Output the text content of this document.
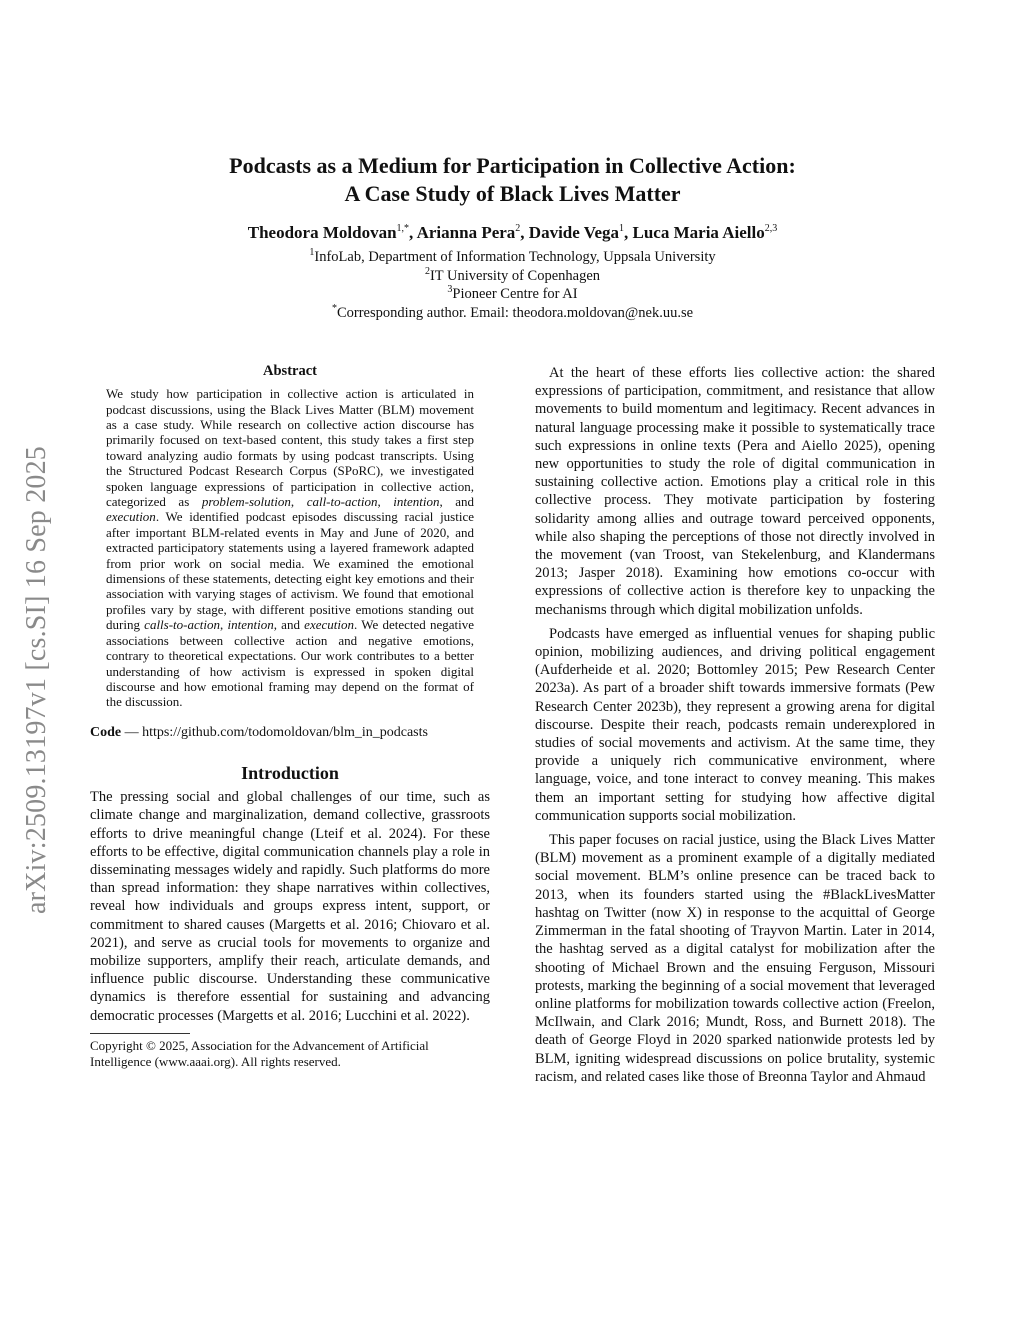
arXiv:2509.13197v1 [cs.SI] 16 Sep 2025
Podcasts as a Medium for Participation in Collective Action:
A Case Study of Black Lives Matter
Theodora Moldovan$^{1,*}$, Arianna Pera$^2$, Davide Vega$^1$, Luca Maria Aiello$^{2,3}$
$^1$InfoLab, Department of Information Technology, Uppsala University
$^2$IT University of Copenhagen
$^3$Pioneer Centre for AI
*Corresponding author. Email: theodora.moldovan@nek.uu.se
Abstract

We study how participation in collective action is articulated in podcast discussions, using the Black Lives Matter (BLM) movement as a case study. While research on collective action discourse has primarily focused on text-based content, this study takes a first step toward analyzing audio formats by using podcast transcripts. Using the Structured Podcast Research Corpus (SPoRC), we investigated spoken language expressions of participation in collective action, categorized as problem-solution, call-to-action, intention, and execution. We identified podcast episodes discussing racial justice after important BLM-related events in May and June of 2020, and extracted participatory statements using a layered framework adapted from prior work on social media. We examined the emotional dimensions of these statements, detecting eight key emotions and their association with varying stages of activism. We found that emotional profiles vary by stage, with different positive emotions standing out during calls-to-action, intention, and execution. We detected negative associations between collective action and negative emotions, contrary to theoretical expectations. Our work contributes to a better understanding of how activism is expressed in spoken digital discourse and how emotional framing may depend on the format of the discussion.

Code — https://github.com/todomoldovan/blm_in_podcasts
Introduction

The pressing social and global challenges of our time, such as climate change and marginalization, demand collective, grassroots efforts to drive meaningful change (Lteif et al. 2024). For these efforts to be effective, digital communication channels play a role in disseminating messages widely and rapidly. Such platforms do more than spread information: they shape narratives within collectives, reveal how individuals and groups express intent, support, or commitment to shared causes (Margetts et al. 2016; Chiovaro et al. 2021), and serve as crucial tools for movements to organize and mobilize supporters, amplify their reach, articulate demands, and influence public discourse. Understanding these communicative dynamics is therefore essential for sustaining and advancing democratic processes (Margetts et al. 2016; Lucchini et al. 2022).

Copyright © 2025, Association for the Advancement of Artificial Intelligence (www.aaai.org). All rights reserved.

At the heart of these efforts lies collective action: the shared expressions of participation, commitment, and resistance that allow movements to build momentum and legitimacy. Recent advances in natural language processing make it possible to systematically trace such expressions in online texts (Pera and Aiello 2025), opening new opportunities to study the role of digital communication in sustaining collective action. Emotions play a critical role in this collective process. They motivate participation by fostering solidarity among allies and outrage toward perceived opponents, while also shaping the perceptions of those not directly involved in the movement (van Troost, van Stekelenburg, and Klandermans 2013; Jasper 2018). Examining how emotions co-occur with expressions of collective action is therefore key to unpacking the mechanisms through which digital mobilization unfolds.

Podcasts have emerged as influential venues for shaping public opinion, mobilizing audiences, and driving political engagement (Aufderheide et al. 2020; Bottomley 2015; Pew Research Center 2023a). As part of a broader shift towards immersive formats (Pew Research Center 2023b), they represent a growing arena for digital discourse. Despite their reach, podcasts remain underexplored in studies of social movements and activism. At the same time, they provide a uniquely rich communicative environment, where language, voice, and tone interact to convey meaning. This makes them an important setting for studying how affective digital communication supports social mobilization.

This paper focuses on racial justice, using the Black Lives Matter (BLM) movement as a prominent example of a digitally mediated social movement. BLM’s online presence can be traced back to 2013, when its founders started using the #BlackLivesMatter hashtag on Twitter (now X) in response to the acquittal of George Zimmerman in the fatal shooting of Trayvon Martin. Later in 2014, the hashtag served as a digital catalyst for mobilization after the shooting of Michael Brown and the ensuing Ferguson, Missouri protests, marking the beginning of a social movement that leveraged online platforms for mobilization towards collective action (Freelon, McIlwain, and Clark 2016; Mundt, Ross, and Burnett 2018). The death of George Floyd in 2020 sparked nationwide protests led by BLM, igniting widespread discussions on police brutality, systemic racism, and related cases like those of Breonna Taylor and Ahmaud
